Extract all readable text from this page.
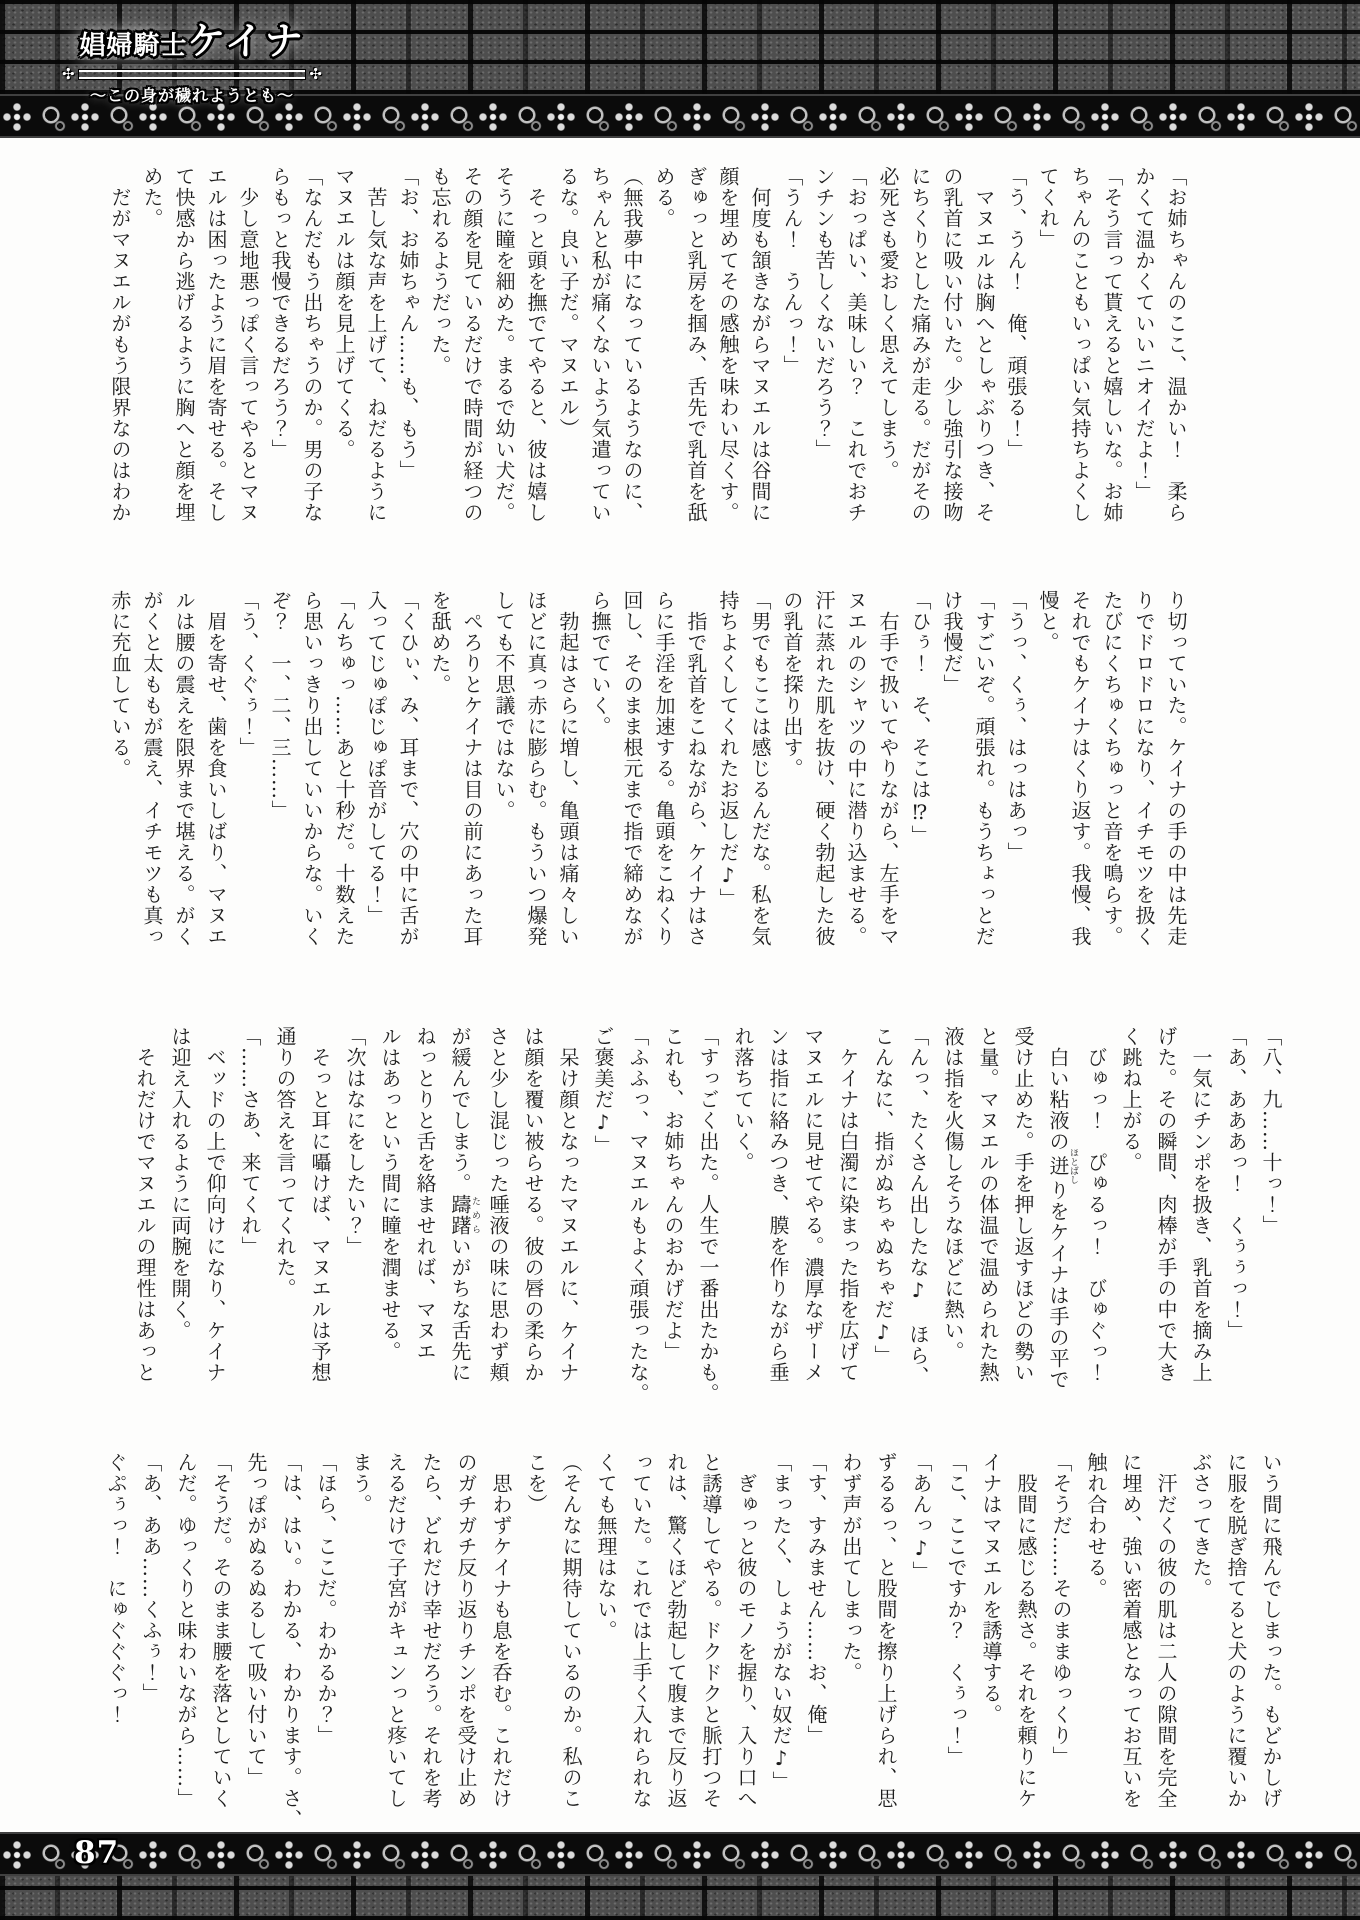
娼婦騎士ケイナ
✣	✣
〜この身が穢れようとも〜

「お姉ちゃんのここ、温かい！　柔ら

かくて温かくていいニオイだよ！」

「そう言って貰えると嬉しいな。お姉

ちゃんのこともいっぱい気持ちよくし

てくれ」

「う、うん！　俺、頑張る！」

　マヌエルは胸へとしゃぶりつき、そ

の乳首に吸い付いた。少し強引な接吻

にちくりとした痛みが走る。だがその

必死さも愛おしく思えてしまう。

「おっぱい、美味しい？　これでおチ

ンチンも苦しくないだろう？」

「うん！　うんっ！」

　何度も頷きながらマヌエルは谷間に

顔を埋めてその感触を味わい尽くす。

ぎゅっと乳房を掴み、舌先で乳首を舐

める。

（無我夢中になっているようなのに、

ちゃんと私が痛くないよう気遣ってい

るな。良い子だ。マヌエル）

　そっと頭を撫でてやると、彼は嬉し

そうに瞳を細めた。まるで幼い犬だ。

その顔を見ているだけで時間が経つの

も忘れるようだった。

「お、お姉ちゃん……も、もう」

　苦し気な声を上げて、ねだるように

マヌエルは顔を見上げてくる。

「なんだもう出ちゃうのか。男の子な

らもっと我慢できるだろう？」

　少し意地悪っぽく言ってやるとマヌ

エルは困ったように眉を寄せる。そし

て快感から逃げるように胸へと顔を埋

めた。

　だがマヌエルがもう限界なのはわか

り切っていた。ケイナの手の中は先走

りでドロドロになり、イチモツを扱く

たびにくちゅくちゅっと音を鳴らす。

それでもケイナはくり返す。我慢、我

慢と。

「うっ、くぅ、はっはあっ」

「すごいぞ。頑張れ。もうちょっとだ

け我慢だ」

「ひぅ！　そ、そこは⁉」

　右手で扱いてやりながら、左手をマ

ヌエルのシャツの中に潜り込ませる。

汗に蒸れた肌を抜け、硬く勃起した彼

の乳首を探り出す。

「男でもここは感じるんだな。私を気

持ちよくしてくれたお返しだ♪」

　指で乳首をこねながら、ケイナはさ

らに手淫を加速する。亀頭をこねくり

回し、そのまま根元まで指で締めなが

ら撫でていく。

　勃起はさらに増し、亀頭は痛々しい

ほどに真っ赤に膨らむ。もういつ爆発

しても不思議ではない。

　ぺろりとケイナは目の前にあった耳

を舐めた。

「くひぃ、み、耳まで、穴の中に舌が

入ってじゅぽじゅぽ音がしてる！」

「んちゅっ……あと十秒だ。十数えた

ら思いっきり出していいからな。いく

ぞ？　一、二、三……」

「う、くぐぅ！」

　眉を寄せ、歯を食いしばり、マヌエ

ルは腰の震えを限界まで堪える。がく

がくと太ももが震え、イチモツも真っ

赤に充血している。

「八、九……十っ！」

「あ、あああっ！　くぅぅっ！」

　一気にチンポを扱き、乳首を摘み上

げた。その瞬間、肉棒が手の中で大き

く跳ね上がる。

　びゅっ！　ぴゅるっ！　びゅぐっ！

　白い粘液の迸ほとばしりをケイナは手の平で

受け止めた。手を押し返すほどの勢い

と量。マヌエルの体温で温められた熱

液は指を火傷しそうなほどに熱い。

「んっ、たくさん出したな♪　ほら、

こんなに、指がぬちゃぬちゃだ♪」

　ケイナは白濁に染まった指を広げて

マヌエルに見せてやる。濃厚なザーメ

ンは指に絡みつき、膜を作りながら垂

れ落ちていく。

「すっごく出た。人生で一番出たかも。

これも、お姉ちゃんのおかげだよ」

「ふふっ、マヌエルもよく頑張ったな。

ご褒美だ♪」

　呆け顔となったマヌエルに、ケイナ

は顔を覆い被らせる。彼の唇の柔らか

さと少し混じった唾液の味に思わず頬

が緩んでしまう。躊躇ためらいがちな舌先に

ねっとりと舌を絡ませれば、マヌエ

ルはあっという間に瞳を潤ませる。

「次はなにをしたい？」

　そっと耳に囁けば、マヌエルは予想

通りの答えを言ってくれた。

「……さあ、来てくれ」

　ベッドの上で仰向けになり、ケイナ

は迎え入れるように両腕を開く。

　それだけでマヌエルの理性はあっと

いう間に飛んでしまった。もどかしげ

に服を脱ぎ捨てると犬のように覆いか

ぶさってきた。

　汗だくの彼の肌は二人の隙間を完全

に埋め、強い密着感となってお互いを

触れ合わせる。

「そうだ……そのままゆっくり」

　股間に感じる熱さ。それを頼りにケ

イナはマヌエルを誘導する。

「こ、ここですか？　くぅっ！」

「あんっ♪」

ずるるっ、と股間を擦り上げられ、思

わず声が出てしまった。

「す、すみません……お、俺」

「まったく、しょうがない奴だ♪」

　ぎゅっと彼のモノを握り、入り口へ

と誘導してやる。ドクドクと脈打つそ

れは、驚くほど勃起して腹まで反り返

っていた。これでは上手く入れられな

くても無理はない。

（そんなに期待しているのか。私のこ

こを）

　思わずケイナも息を呑む。これだけ

のガチガチ反り返りチンポを受け止め

たら、どれだけ幸せだろう。それを考

えるだけで子宮がキュンっと疼いてし

まう。

「ほら、ここだ。わかるか？」

「は、はい。わかる、わかります。さ、

先っぽがぬるぬるして吸い付いて」

「そうだ。そのまま腰を落としていく

んだ。ゆっくりと味わいながら……」

「あ、ああ……くふぅ！」

ぐぷぅっ！　にゅぐぐぐっ！

87
